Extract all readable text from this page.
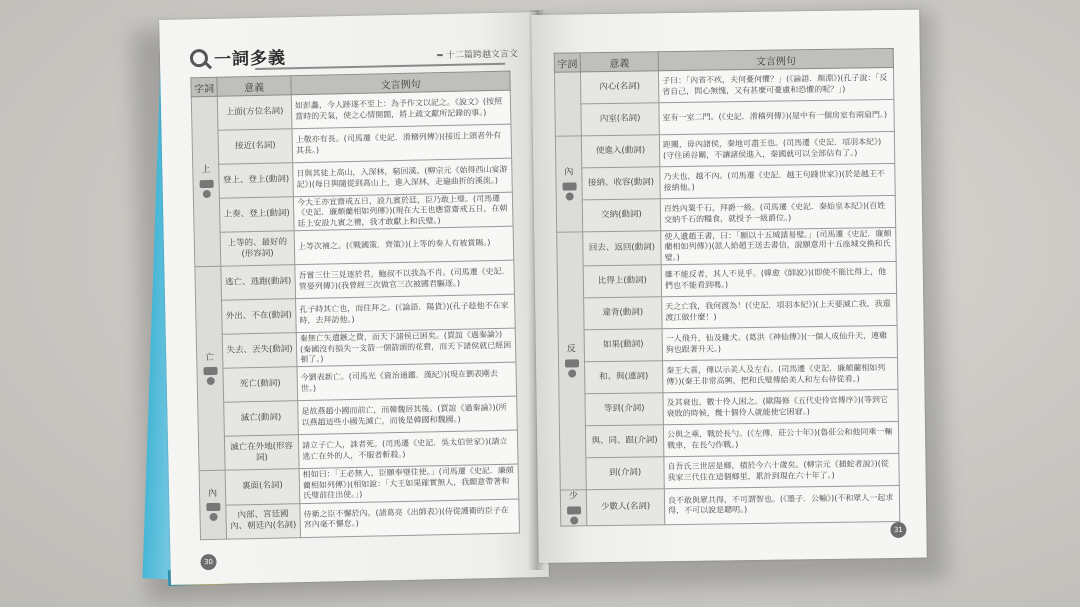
一詞多義	十二篇跨越文言文
字詞	意義	文言例句
上	上面(方位名詞)	如彭蠡，今人跡遂不至上：為予作文以記之。《說文》(按照當時的天氣，使之心情開闊，將上疏文獻所記錄的事。)
	接近(名詞)	上敬亦有長。(司馬遷《史記．滑稽列傳》)(接近上頭者外有其長。)
	登上、登上(動詞)	日與其徒上高山，入深林，窮回溪。(柳宗元《始得西山宴游記》)(每日與隨從到高山上，進入深林，走遍曲折的溪流。)
	上奏、登上(動詞)	今大王亦宜齋戒五日，設九賓於廷，臣乃敢上璧。(司馬遷《史記．廉頗藺相如列傳》)(現在大王也應當齋戒五日，在朝廷上安設九賓之禮，我才敢獻上和氏璧。)
	上等的、最好的(形容詞)	上等次補之。(《戰國策．齊策》)(上等的奏人有被賞賜。)
亡	逃亡、逃跑(動詞)	吾嘗三仕三見逐於君，鮑叔不以我為不肖。(司馬遷《史記．管晏列傳》)(我曾經三次做官三次被國君驅逐。)
	外出、不在(動詞)	孔子時其亡也，而往拜之。(《論語．陽貨》)(孔子趁他不在家時，去拜訪他。)
	失去、丟失(動詞)	秦無亡矢遺鏃之費，而天下諸侯已困矣。(賈誼《過秦論》)(秦國沒有損失一支箭一個箭頭的花費，而天下諸侯就已經困頓了。)
	死亡(動詞)	今劉表新亡。(司馬光《資治通鑑．漢紀》)(現在劉表剛去世。)
	滅亡(動詞)	是故燕趙小國而前亡，而韓魏居其後。(賈誼《過秦論》)(所以燕趙這些小國先滅亡，而後是韓國和魏國。)
	滅亡在外地(形容詞)	請立子亡人，誅者死。(司馬遷《史記．吳太伯世家》)(請立逃亡在外的人，不服者斬殺。)
內	裏面(名詞)	相如曰：「王必無人，臣願奉璧往使。」(司馬遷《史記．廉頗藺相如列傳》)(相如說：「大王如果確實無人，我願意帶著和氏璧前往出使。」)
	內部、宮廷國內、朝廷內(名詞)	侍衛之臣不懈於內。(諸葛亮《出師表》)(侍從護衛的臣子在宮內毫不懈怠。)
30
字詞	意義	文言例句
	內心(名詞)	子曰：「內省不疚，夫何憂何懼？」(《論語．顏淵》)(孔子說：「反省自己，問心無愧，又有甚麼可憂慮和恐懼的呢？」)
	內室(名詞)	室有一室二門。(《史記．滑稽列傳》)(屋中有一個房室有兩扇門。)
內	使進入(動詞)	距關，毋內諸侯，秦地可盡王也。(司馬遷《史記．項羽本紀》)(守住函谷關，不讓諸侯進入，秦國就可以全部佔有了。)
	接納、收容(動詞)	乃夫也，越不內。(司馬遷《史記．越王句踐世家》)(於是越王不接納他。)
	交納(動詞)	百姓內粟千石，拜爵一級。(司馬遷《史記．秦始皇本紀》)(百姓交納千石的糧食，就授予一級爵位。)
反	回去、返回(動詞)	使人遺趙王書，曰：「願以十五城請易璧。」(司馬遷《史記．廉頗藺相如列傳》)(派人給趙王送去書信，說願意用十五座城交換和氏璧。)
	比得上(動詞)	雖不能反者，其人不見乎。(韓愈《師說》)(即使不能比得上，他們也不能看到嗎。)
	違背(動詞)	天之亡我，我何渡為！(《史記．項羽本紀》)(上天要滅亡我，我還渡江做什麼！)
	如果(動詞)	一人飛升，仙及雞犬。(葛洪《神仙傳》)(一個人成仙升天，連雞狗也跟著升天。)
	和、與(連詞)	秦王大喜，傳以示美人及左右。(司馬遷《史記．廉頗藺相如列傳》)(秦王非常高興，把和氏璧傳給美人和左右侍從看。)
	等到(介詞)	及其衰也，數十伶人困之。(歐陽修《五代史伶官傳序》)(等到它衰敗的時候，幾十個伶人就能使它困窘。)
	與、同、跟(介詞)	公與之乘，戰於長勺。(《左傳．莊公十年》)(魯莊公和他同乘一輛戰車，在長勺作戰。)
	到(介詞)	自吾氏三世居是鄉，積於今六十歲矣。(柳宗元《捕蛇者說》)(從我家三代住在這個鄉里，累計到現在六十年了。)
少	少數人(名詞)	良不敢與眾共得，不可謂智也。(《墨子．公輸》)(不和眾人一起求得，不可以說是聰明。)
31
